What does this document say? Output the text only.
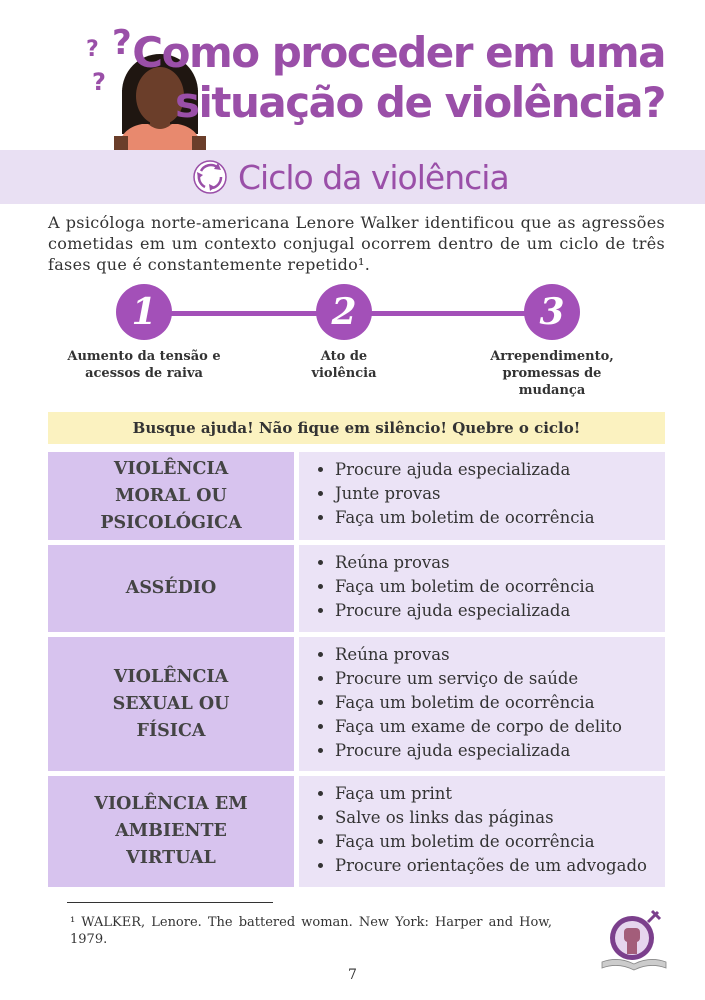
? ?
?
Como proceder em uma
situação de violência?
Ciclo da violência

A psicóloga norte-americana Lenore Walker identificou que as agressões cometidas em um contexto conjugal ocorrem dentro de um ciclo de três fases que é constantemente repetido¹.

1
Aumento da tensão e acessos de raiva
2
Ato de violência
3
Arrependimento, promessas de mudança
Busque ajuda! Não fique em silêncio! Quebre o ciclo!
VIOLÊNCIA MORAL OU PSICOLÓGICA
• Procure ajuda especializada
• Junte provas
• Faça um boletim de ocorrência
ASSÉDIO
• Reúna provas
• Faça um boletim de ocorrência
• Procure ajuda especializada
VIOLÊNCIA SEXUAL OU FÍSICA
• Reúna provas
• Procure um serviço de saúde
• Faça um boletim de ocorrência
• Faça um exame de corpo de delito
• Procure ajuda especializada
VIOLÊNCIA EM AMBIENTE VIRTUAL
• Faça um print
• Salve os links das páginas
• Faça um boletim de ocorrência
• Procure orientações de um advogado

¹ WALKER, Lenore. The battered woman. New York: Harper and How, 1979.

7
